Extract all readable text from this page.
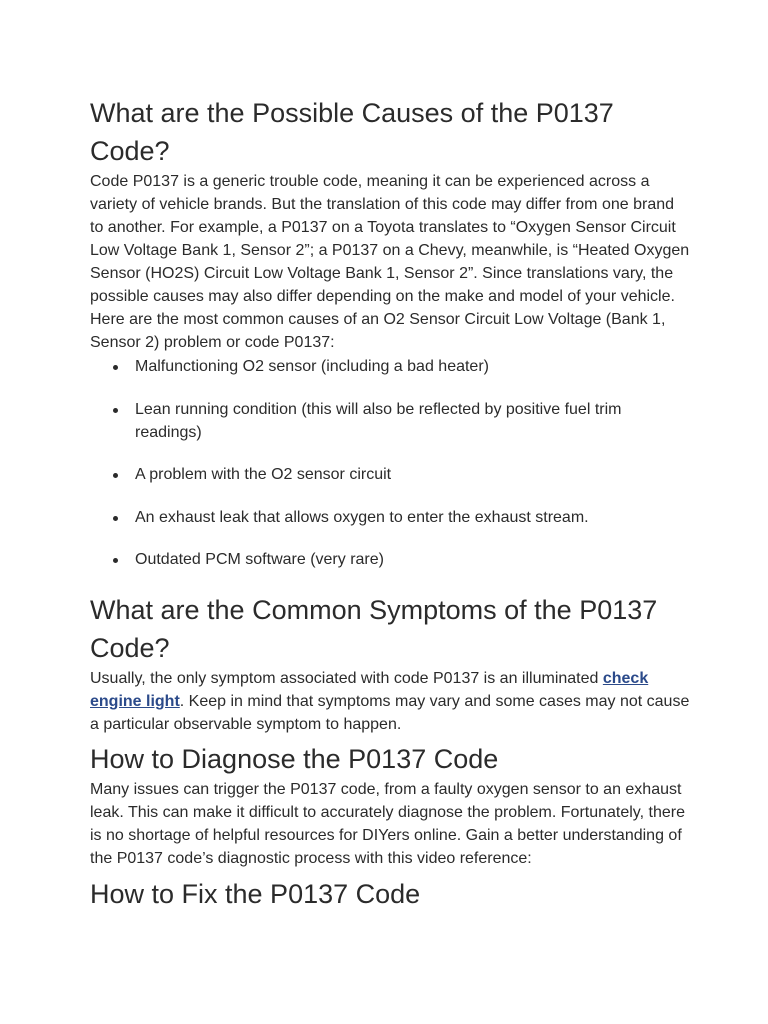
What are the Possible Causes of the P0137 Code?

Code P0137 is a generic trouble code, meaning it can be experienced across a variety of vehicle brands. But the translation of this code may differ from one brand to another. For example, a P0137 on a Toyota translates to “Oxygen Sensor Circuit Low Voltage Bank 1, Sensor 2”; a P0137 on a Chevy, meanwhile, is “Heated Oxygen Sensor (HO2S) Circuit Low Voltage Bank 1, Sensor 2”. Since translations vary, the possible causes may also differ depending on the make and model of your vehicle. Here are the most common causes of an O2 Sensor Circuit Low Voltage (Bank 1, Sensor 2) problem or code P0137:

Malfunctioning O2 sensor (including a bad heater)
Lean running condition (this will also be reflected by positive fuel trim readings)
A problem with the O2 sensor circuit
An exhaust leak that allows oxygen to enter the exhaust stream.
Outdated PCM software (very rare)
What are the Common Symptoms of the P0137 Code?

Usually, the only symptom associated with code P0137 is an illuminated check engine light. Keep in mind that symptoms may vary and some cases may not cause a particular observable symptom to happen.

How to Diagnose the P0137 Code

Many issues can trigger the P0137 code, from a faulty oxygen sensor to an exhaust leak. This can make it difficult to accurately diagnose the problem. Fortunately, there is no shortage of helpful resources for DIYers online. Gain a better understanding of the P0137 code’s diagnostic process with this video reference:

How to Fix the P0137 Code
